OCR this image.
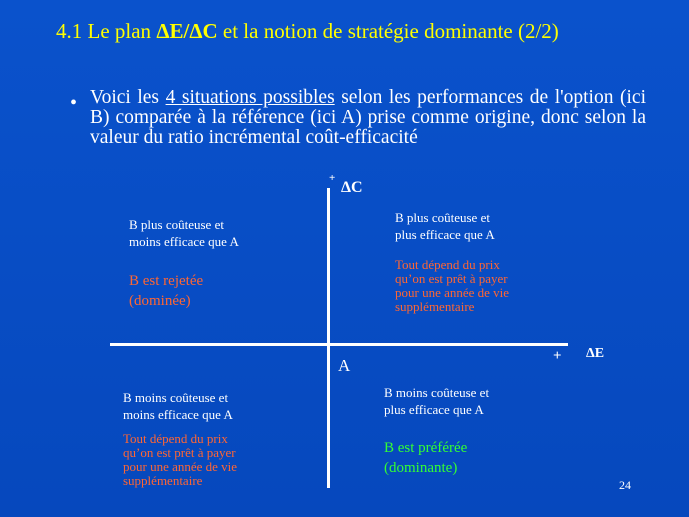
4.1 Le plan ΔE/ΔC et la notion de stratégie dominante (2/2)
• Voici les 4 situations possibles selon les performances de l'option (ici B) comparée à la référence (ici A) prise comme origine, donc selon la valeur du ratio incrémental coût-efficacité
+
ΔC
+ ΔE
A
B plus coûteuse et
moins efficace que A
B est rejetée
(dominée)
B plus coûteuse et
plus efficace que A
Tout dépend du prix
qu’on est prêt à payer
pour une année de vie
supplémentaire
B moins coûteuse et
moins efficace que A
Tout dépend du prix
qu’on est prêt à payer
pour une année de vie
supplémentaire
B moins coûteuse et
plus efficace que A
B est préférée
(dominante)
24
